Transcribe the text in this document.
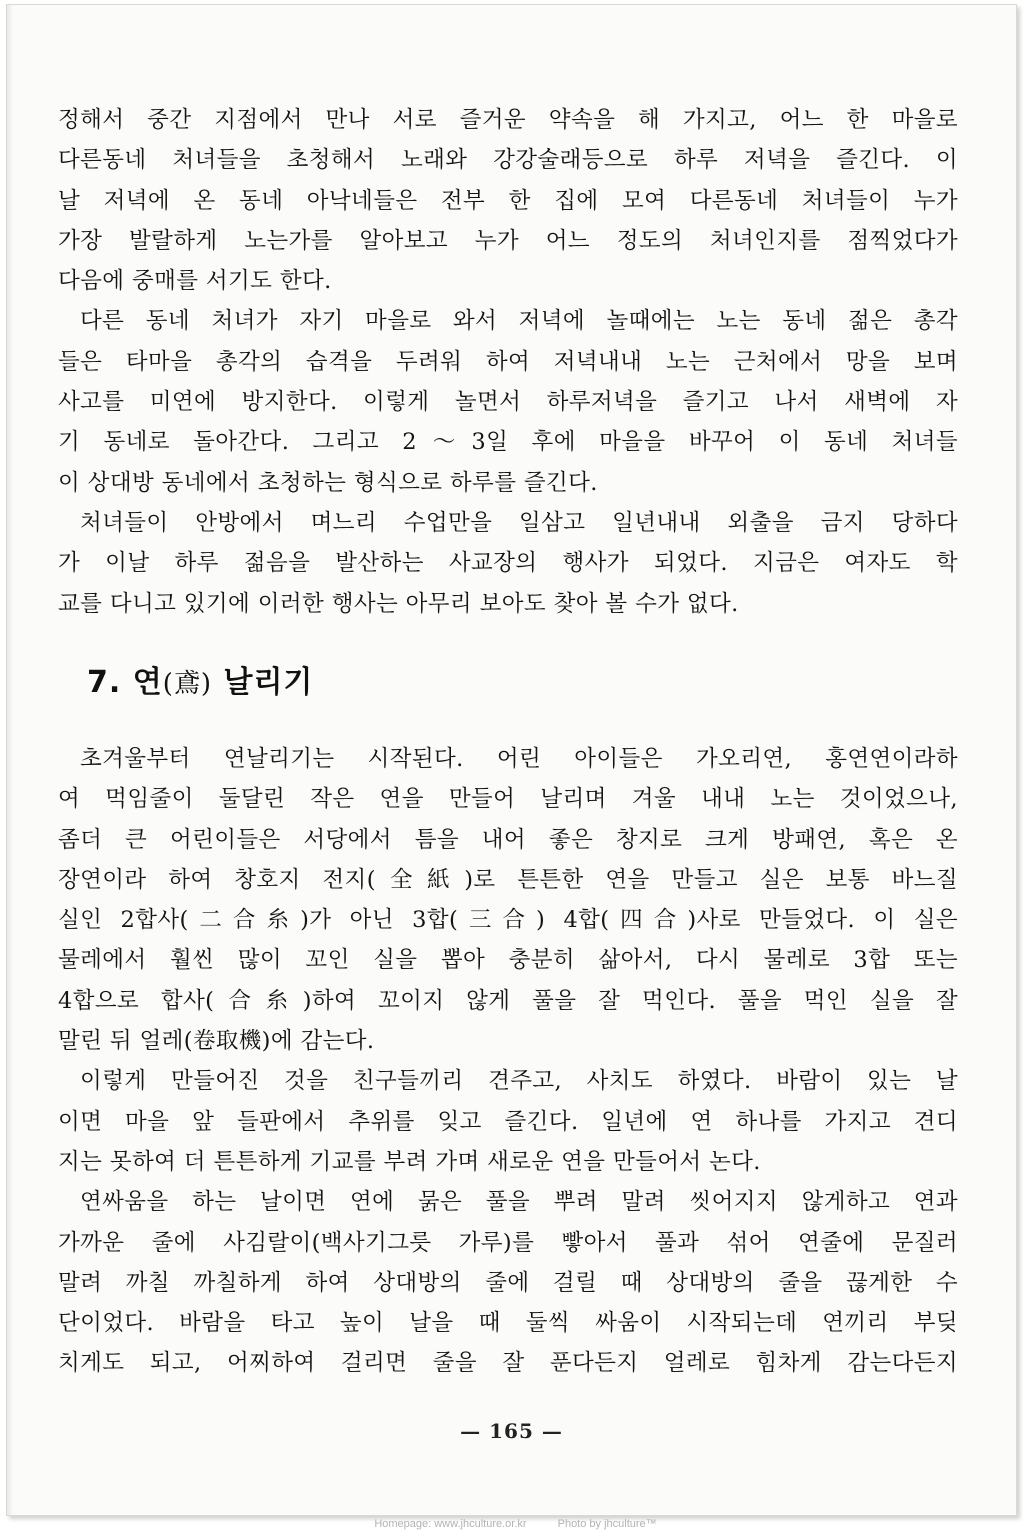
정해서 중간 지점에서 만나 서로 즐거운 약속을 해 가지고, 어느 한 마을로
다른동네 처녀들을 초청해서 노래와 강강술래등으로 하루 저녁을 즐긴다. 이
날 저녁에 온 동네 아낙네들은 전부 한 집에 모여 다른동네 처녀들이 누가
가장 발랄하게 노는가를 알아보고 누가 어느 정도의 처녀인지를 점찍었다가
다음에 중매를 서기도 한다.
다른 동네 처녀가 자기 마을로 와서 저녁에 놀때에는 노는 동네 젊은 총각
들은 타마을 총각의 습격을 두려워 하여 저녁내내 노는 근처에서 망을 보며
사고를 미연에 방지한다. 이렇게 놀면서 하루저녁을 즐기고 나서 새벽에 자
기 동네로 돌아간다. 그리고 2～3일 후에 마을을 바꾸어 이 동네 처녀들
이 상대방 동네에서 초청하는 형식으로 하루를 즐긴다.
처녀들이 안방에서 며느리 수업만을 일삼고 일년내내 외출을 금지 당하다
가 이날 하루 젊음을 발산하는 사교장의 행사가 되었다. 지금은 여자도 학
교를 다니고 있기에 이러한 행사는 아무리 보아도 찾아 볼 수가 없다.
7. 연(鳶) 날리기
초겨울부터 연날리기는 시작된다. 어린 아이들은 가오리연, 홍연연이라하
여 먹임줄이 둘달린 작은 연을 만들어 날리며 겨울 내내 노는 것이었으나,
좀더 큰 어린이들은 서당에서 틈을 내어 좋은 창지로 크게 방패연, 혹은 온
장연이라 하여 창호지 전지(全紙)로 튼튼한 연을 만들고 실은 보통 바느질
실인 2합사(二合糸)가 아닌 3합(三合) 4합(四合)사로 만들었다. 이 실은
물레에서 훨씬 많이 꼬인 실을 뽑아 충분히 삶아서, 다시 물레로 3합 또는
4합으로 합사(合糸)하여 꼬이지 않게 풀을 잘 먹인다. 풀을 먹인 실을 잘
말린 뒤 얼레(卷取機)에 감는다.
이렇게 만들어진 것을 친구들끼리 견주고, 사치도 하였다. 바람이 있는 날
이면 마을 앞 들판에서 추위를 잊고 즐긴다. 일년에 연 하나를 가지고 견디
지는 못하여 더 튼튼하게 기교를 부려 가며 새로운 연을 만들어서 논다.
연싸움을 하는 날이면 연에 묽은 풀을 뿌려 말려 씻어지지 않게하고 연과
가까운 줄에 사김랄이(백사기그릇 가루)를 빻아서 풀과 섞어 연줄에 문질러
말려 까칠 까칠하게 하여 상대방의 줄에 걸릴 때 상대방의 줄을 끊게한 수
단이었다. 바람을 타고 높이 날을 때 둘씩 싸움이 시작되는데 연끼리 부딪
치게도 되고, 어찌하여 걸리면 줄을 잘 푼다든지 얼레로 힘차게 감는다든지
— 165 —
Homepage: www.jhculture.or.kr	Photo by jhculture™
